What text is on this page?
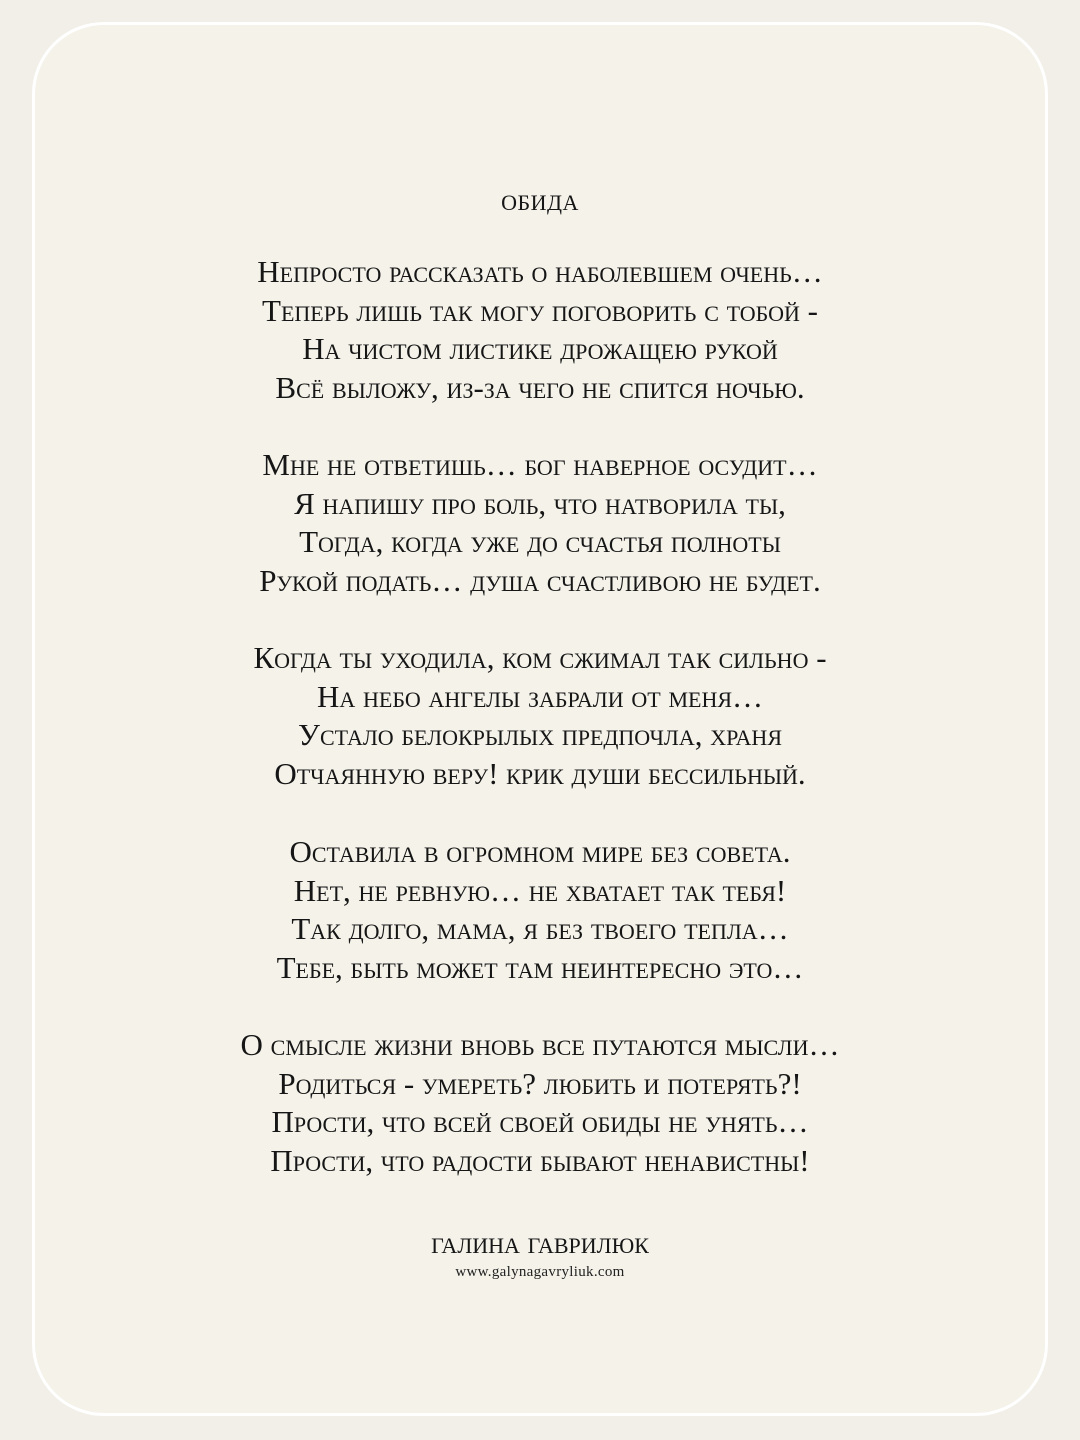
обида
Непросто рассказать о наболевшем очень…
Теперь лишь так могу поговорить с тобой -
На чистом листике дрожащею рукой
Всё выложу, из-за чего не спится ночью.
Мне не ответишь… бог наверное осудит…
Я напишу про боль, что натворила ты,
Тогда, когда уже до счастья полноты
Рукой подать… душа счастливою не будет.
Когда ты уходила, ком сжимал так сильно -
На небо ангелы забрали от меня…
Устало белокрылых предпочла, храня
Отчаянную веру! крик души бессильный.
Оставила в огромном мире без совета.
Нет, не ревную… не хватает так тебя!
Так долго, мама, я без твоего тепла…
Тебе, быть может там неинтересно это…
О смысле жизни вновь все путаются мысли…
Родиться - умереть? любить и потерять?!
Прости, что всей своей обиды не унять…
Прости, что радости бывают ненавистны!
галина гаврилюк
www.galynagavryliuk.com
